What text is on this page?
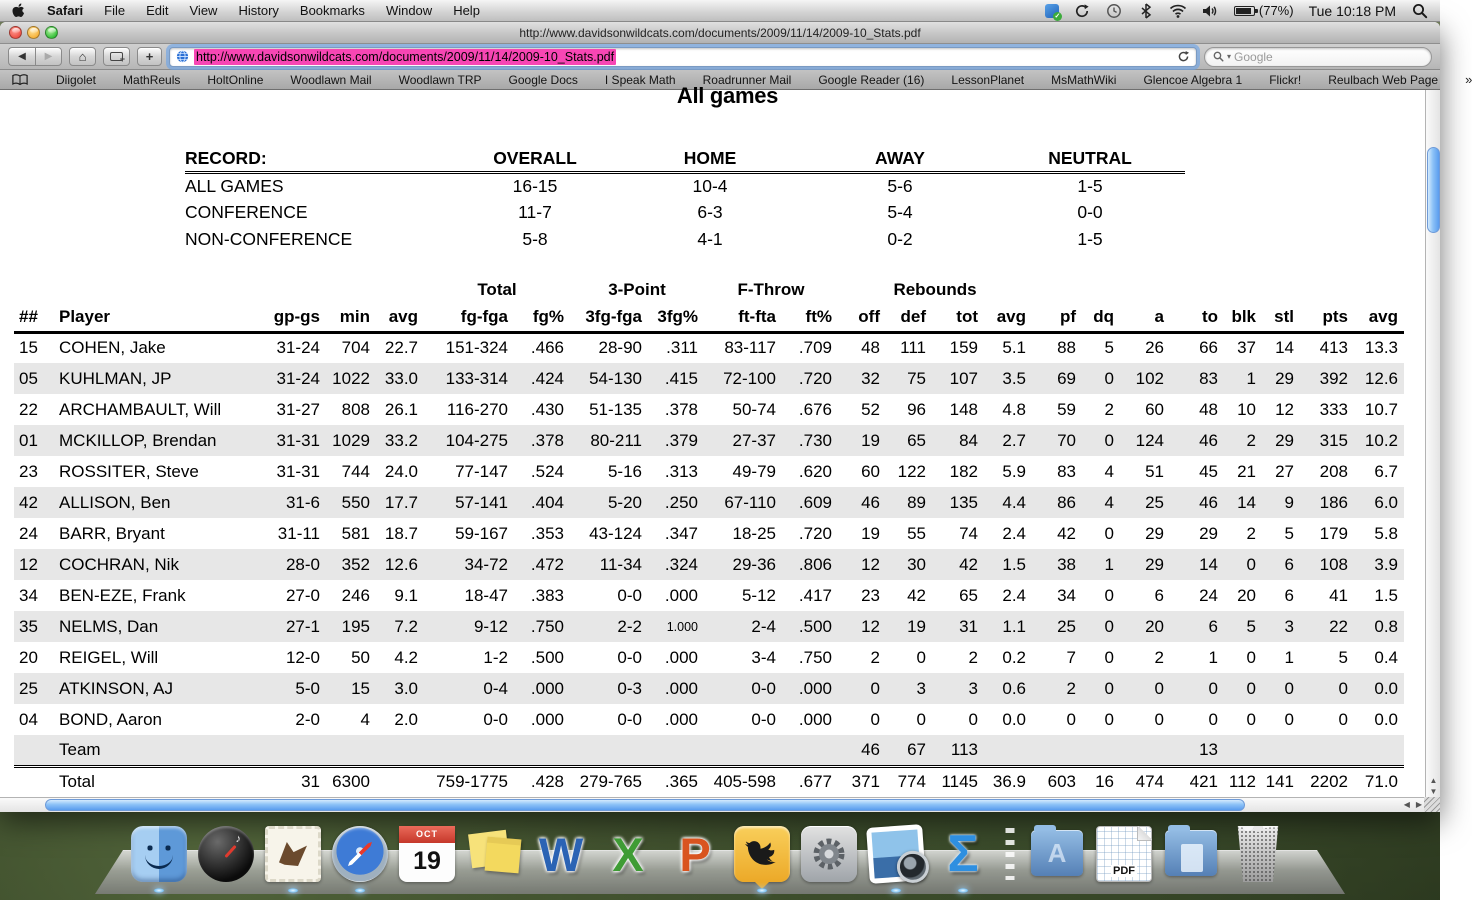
Safari File Edit View History Bookmarks Window Help	✓	(77%) Tue 10:18 PM
http://www.davidsonwildcats.com/documents/2009/11/14/2009-10_Stats.pdf
◀	▶	⌂	+	+	http://www.davidsonwildcats.com/documents/2009/11/14/2009-10_Stats.pdf	▾
Google
Diigolet MathReuls HoltOnline Woodlawn Mail Woodlawn TRP Google Docs I Speak Math Roadrunner Mail Google Reader (16) LessonPlanet MsMathWiki Glencoe Algebra 1 Flickr! Reulbach Web Page »
All games
RECORD:	OVERALL	HOME	AWAY	NEUTRAL
ALL GAMES	16-15	10-4	5-6	1-5
CONFERENCE	11-7	6-3	5-4	0-0
NON-CONFERENCE	5-8	4-1	0-2	1-5
					Total		3-Point		F-Throw		Rebounds											
##	Player	gp-gs	min	avg	fg-fga	fg%	3fg-fga	3fg%	ft-fta	ft%	off	def	tot	avg	pf	dq	a	to	blk	stl	pts	avg
15	COHEN, Jake	31-24	704	22.7	151-324	.466	28-90	.311	83-117	.709	48	111	159	5.1	88	5	26	66	37	14	413	13.3
05	KUHLMAN, JP	31-24	1022	33.0	133-314	.424	54-130	.415	72-100	.720	32	75	107	3.5	69	0	102	83	1	29	392	12.6
22	ARCHAMBAULT, Will	31-27	808	26.1	116-270	.430	51-135	.378	50-74	.676	52	96	148	4.8	59	2	60	48	10	12	333	10.7
01	MCKILLOP, Brendan	31-31	1029	33.2	104-275	.378	80-211	.379	27-37	.730	19	65	84	2.7	70	0	124	46	2	29	315	10.2
23	ROSSITER, Steve	31-31	744	24.0	77-147	.524	5-16	.313	49-79	.620	60	122	182	5.9	83	4	51	45	21	27	208	6.7
42	ALLISON, Ben	31-6	550	17.7	57-141	.404	5-20	.250	67-110	.609	46	89	135	4.4	86	4	25	46	14	9	186	6.0
24	BARR, Bryant	31-11	581	18.7	59-167	.353	43-124	.347	18-25	.720	19	55	74	2.4	42	0	29	29	2	5	179	5.8
12	COCHRAN, Nik	28-0	352	12.6	34-72	.472	11-34	.324	29-36	.806	12	30	42	1.5	38	1	29	14	0	6	108	3.9
34	BEN-EZE, Frank	27-0	246	9.1	18-47	.383	0-0	.000	5-12	.417	23	42	65	2.4	34	0	6	24	20	6	41	1.5
35	NELMS, Dan	27-1	195	7.2	9-12	.750	2-2	1.000	2-4	.500	12	19	31	1.1	25	0	20	6	5	3	22	0.8
20	REIGEL, Will	12-0	50	4.2	1-2	.500	0-0	.000	3-4	.750	2	0	2	0.2	7	0	2	1	0	1	5	0.4
25	ATKINSON, AJ	5-0	15	3.0	0-4	.000	0-3	.000	0-0	.000	0	3	3	0.6	2	0	0	0	0	0	0	0.0
04	BOND, Aaron	2-0	4	2.0	0-0	.000	0-0	.000	0-0	.000	0	0	0	0.0	0	0	0	0	0	0	0	0.0
	Team										46	67	113					13				
	Total	31	6300		759-1775	.428	279-765	.365	405-598	.677	371	774	1145	36.9	603	16	474	421	112	141	2202	71.0	▲
▼
◀ ▶
♪
OCT
19 W X P	Σ	A
PDF
